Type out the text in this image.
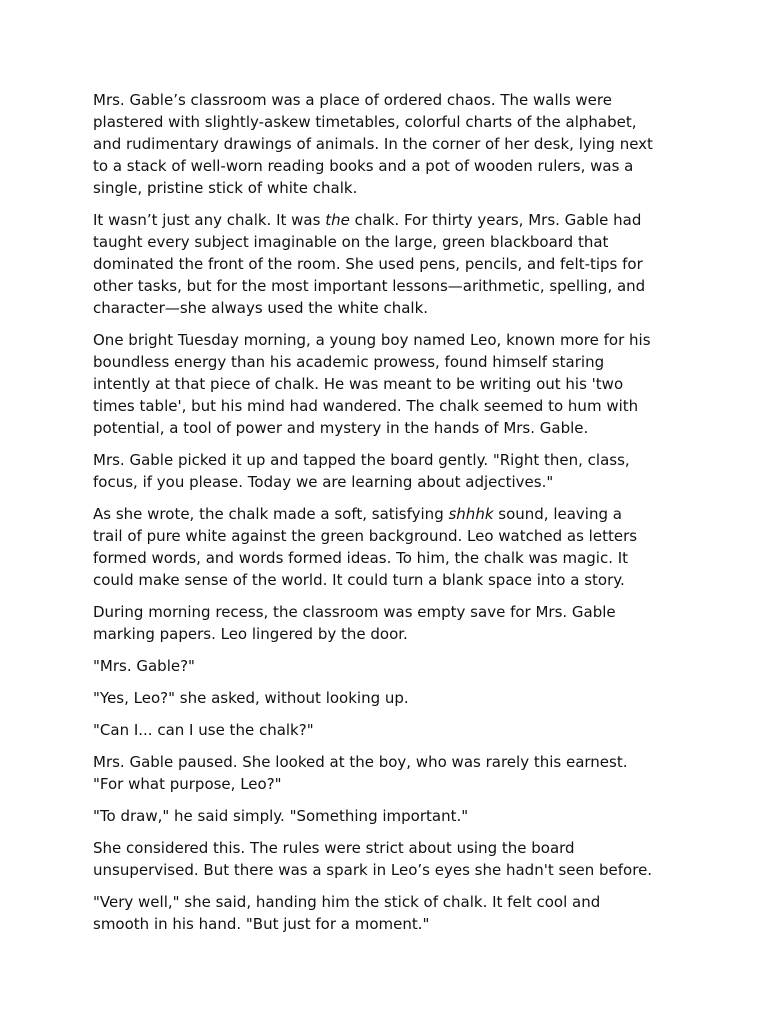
Mrs. Gable’s classroom was a place of ordered chaos. The walls were
plastered with slightly-askew timetables, colorful charts of the alphabet,
and rudimentary drawings of animals. In the corner of her desk, lying next
to a stack of well-worn reading books and a pot of wooden rulers, was a
single, pristine stick of white chalk.

It wasn’t just any chalk. It was the chalk. For thirty years, Mrs. Gable had
taught every subject imaginable on the large, green blackboard that
dominated the front of the room. She used pens, pencils, and felt-tips for
other tasks, but for the most important lessons—arithmetic, spelling, and
character—she always used the white chalk.

One bright Tuesday morning, a young boy named Leo, known more for his
boundless energy than his academic prowess, found himself staring
intently at that piece of chalk. He was meant to be writing out his 'two
times table', but his mind had wandered. The chalk seemed to hum with
potential, a tool of power and mystery in the hands of Mrs. Gable.

Mrs. Gable picked it up and tapped the board gently. "Right then, class,
focus, if you please. Today we are learning about adjectives."

As she wrote, the chalk made a soft, satisfying shhhk sound, leaving a
trail of pure white against the green background. Leo watched as letters
formed words, and words formed ideas. To him, the chalk was magic. It
could make sense of the world. It could turn a blank space into a story.

During morning recess, the classroom was empty save for Mrs. Gable
marking papers. Leo lingered by the door.

"Mrs. Gable?"

"Yes, Leo?" she asked, without looking up.

"Can I... can I use the chalk?"

Mrs. Gable paused. She looked at the boy, who was rarely this earnest.
"For what purpose, Leo?"

"To draw," he said simply. "Something important."

She considered this. The rules were strict about using the board
unsupervised. But there was a spark in Leo’s eyes she hadn't seen before.

"Very well," she said, handing him the stick of chalk. It felt cool and
smooth in his hand. "But just for a moment."
